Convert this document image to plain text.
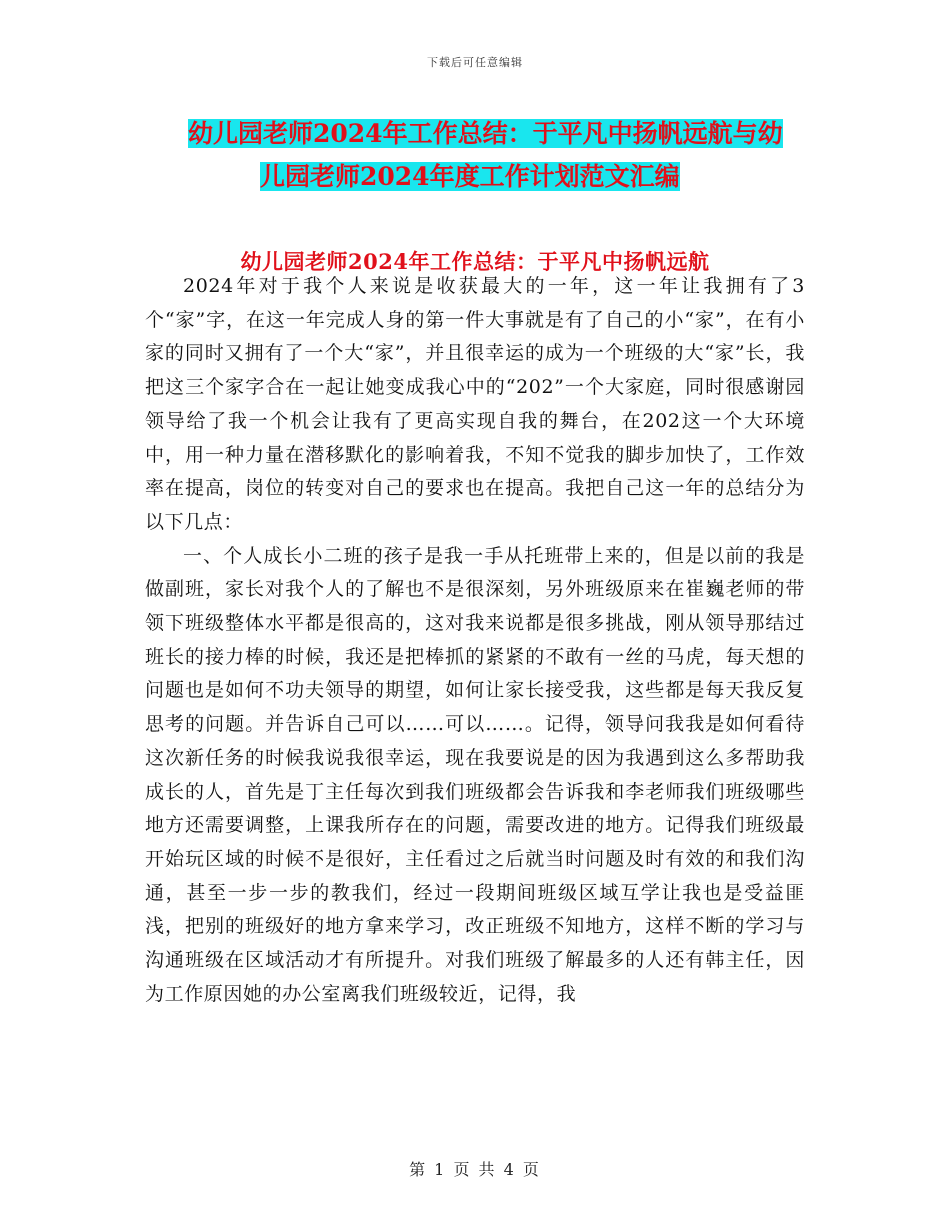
下载后可任意编辑
幼儿园老师2024年工作总结：于平凡中扬帆远航与幼
儿园老师2024年度工作计划范文汇编
幼儿园老师2024年工作总结：于平凡中扬帆远航

2024年对于我个人来说是收获最大的一年，这一年让我拥有了3个“家”字，在这一年完成人身的第一件大事就是有了自己的小“家”，在有小家的同时又拥有了一个大“家”，并且很幸运的成为一个班级的大“家”长，我把这三个家字合在一起让她变成我心中的“202”一个大家庭，同时很感谢园领导给了我一个机会让我有了更高实现自我的舞台，在202这一个大环境中，用一种力量在潜移默化的影响着我，不知不觉我的脚步加快了，工作效率在提高，岗位的转变对自己的要求也在提高。我把自己这一年的总结分为以下几点：

一、个人成长小二班的孩子是我一手从托班带上来的，但是以前的我是做副班，家长对我个人的了解也不是很深刻，另外班级原来在崔巍老师的带领下班级整体水平都是很高的，这对我来说都是很多挑战，刚从领导那结过班长的接力棒的时候，我还是把棒抓的紧紧的不敢有一丝的马虎，每天想的问题也是如何不功夫领导的期望，如何让家长接受我，这些都是每天我反复思考的问题。并告诉自己可以……可以……。记得，领导问我我是如何看待这次新任务的时候我说我很幸运，现在我要说是的因为我遇到这么多帮助我成长的人，首先是丁主任每次到我们班级都会告诉我和李老师我们班级哪些地方还需要调整，上课我所存在的问题，需要改进的地方。记得我们班级最开始玩区域的时候不是很好，主任看过之后就当时问题及时有效的和我们沟通，甚至一步一步的教我们，经过一段期间班级区域互学让我也是受益匪浅，把别的班级好的地方拿来学习，改正班级不知地方，这样不断的学习与沟通班级在区域活动才有所提升。对我们班级了解最多的人还有韩主任，因为工作原因她的办公室离我们班级较近，记得，我

第 1 页 共 4 页
